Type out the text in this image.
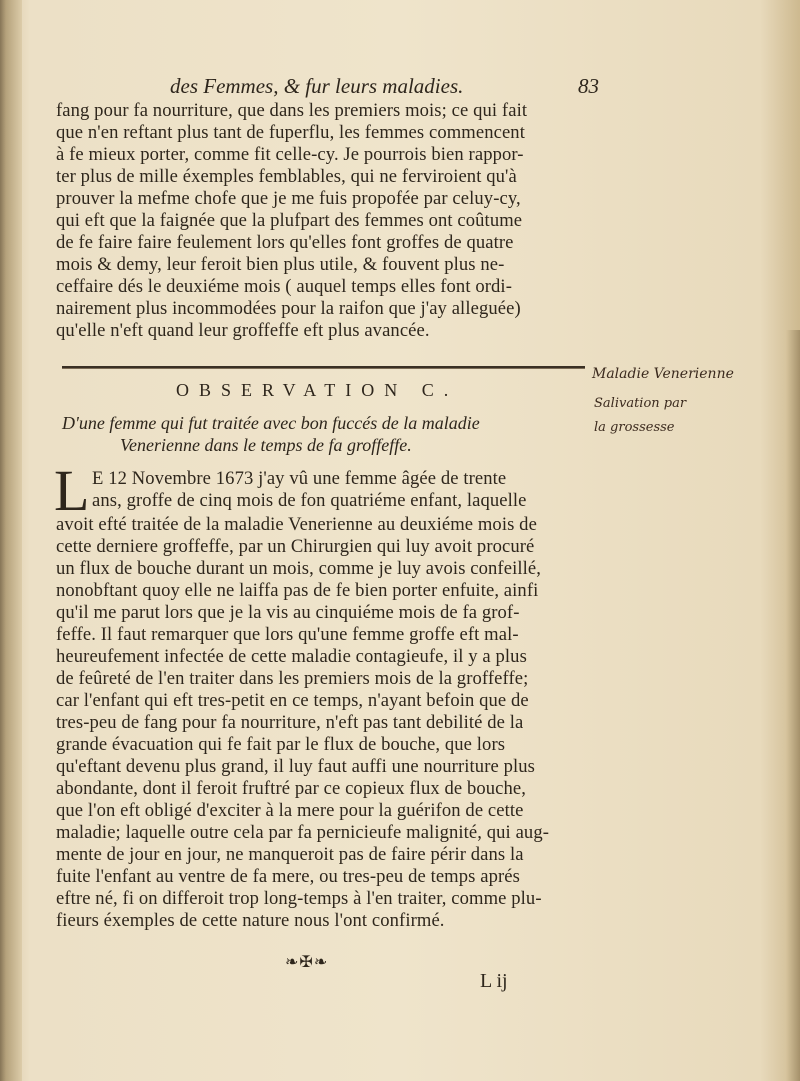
des Femmes, & fur leurs maladies.	83
fang pour fa nourriture, que dans les premiers mois; ce qui fait
que n'en reftant plus tant de fuperflu, les femmes commencent
à fe mieux porter, comme fit celle-cy. Je pourrois bien rappor-
ter plus de mille éxemples femblables, qui ne ferviroient qu'à
prouver la mefme chofe que je me fuis propofée par celuy-cy,
qui eft que la faignée que la plufpart des femmes ont coûtume
de fe faire faire feulement lors qu'elles font groffes de quatre
mois & demy, leur feroit bien plus utile, & fouvent plus ne-
ceffaire dés le deuxiéme mois ( auquel temps elles font ordi-
nairement plus incommodées pour la raifon que j'ay alleguée)
qu'elle n'eft quand leur groffeffe eft plus avancée.
OBSERVATION C.
Maladie Venerienne
Salivation par
la grossesse
D'une femme qui fut traitée avec bon fuccés de la maladie
Venerienne dans le temps de fa groffeffe.
L E 12 Novembre 1673 j'ay vû une femme âgée de trente
ans, groffe de cinq mois de fon quatriéme enfant, laquelle
avoit efté traitée de la maladie Venerienne au deuxiéme mois de
cette derniere groffeffe, par un Chirurgien qui luy avoit procuré
un flux de bouche durant un mois, comme je luy avois confeillé,
nonobftant quoy elle ne laiffa pas de fe bien porter enfuite, ainfi
qu'il me parut lors que je la vis au cinquiéme mois de fa grof-
feffe. Il faut remarquer que lors qu'une femme groffe eft mal-
heureufement infectée de cette maladie contagieufe, il y a plus
de feûreté de l'en traiter dans les premiers mois de la groffeffe;
car l'enfant qui eft tres-petit en ce temps, n'ayant befoin que de
tres-peu de fang pour fa nourriture, n'eft pas tant debilité de la
grande évacuation qui fe fait par le flux de bouche, que lors
qu'eftant devenu plus grand, il luy faut auffi une nourriture plus
abondante, dont il feroit fruftré par ce copieux flux de bouche,
que l'on eft obligé d'exciter à la mere pour la guérifon de cette
maladie; laquelle outre cela par fa pernicieufe malignité, qui aug-
mente de jour en jour, ne manqueroit pas de faire périr dans la
fuite l'enfant au ventre de fa mere, ou tres-peu de temps aprés
eftre né, fi on differoit trop long-temps à l'en traiter, comme plu-
fieurs éxemples de cette nature nous l'ont confirmé.
❧✠❧
L ij
